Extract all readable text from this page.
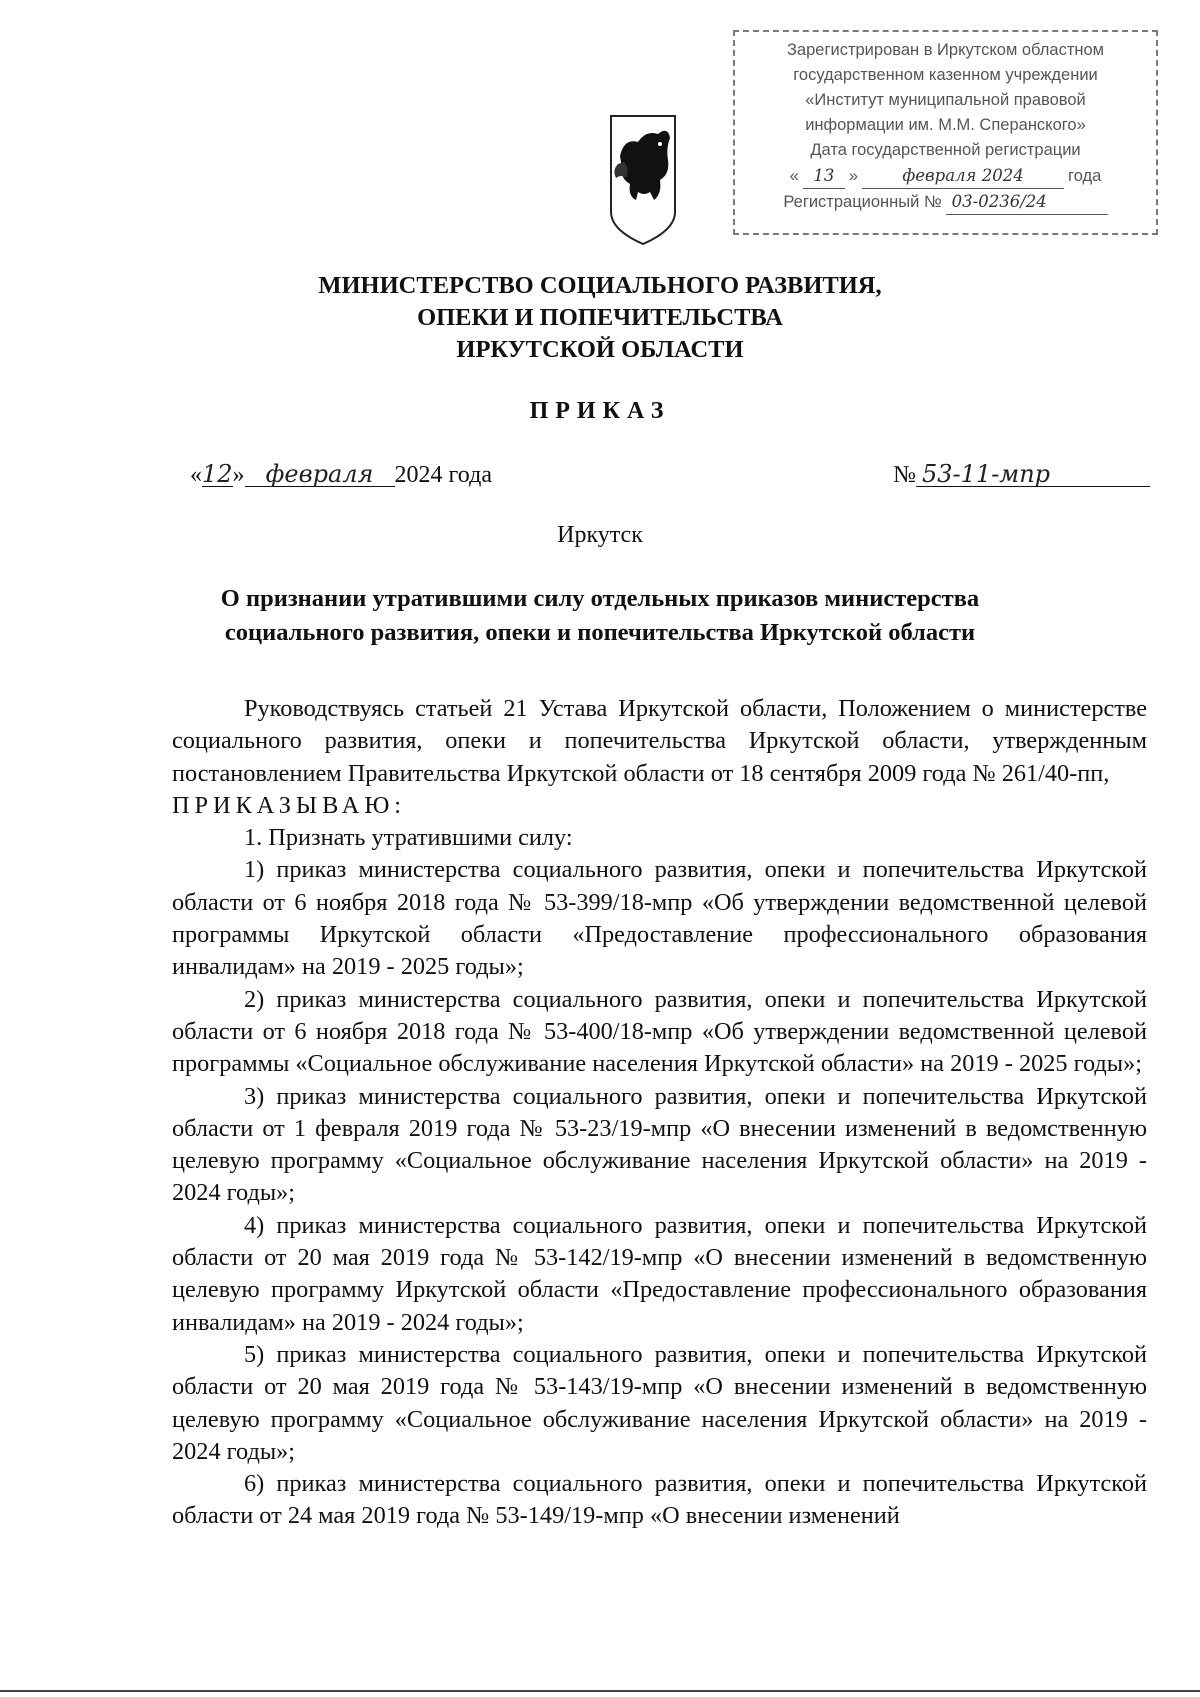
Зарегистрирован в Иркутском областном
государственном казенном учреждении
«Институт муниципальной правовой
информации им. М.М. Сперанского»
Дата государственной регистрации
« 13 »	февраля 2024	года
Регистрационный № 03-0236/24
МИНИСТЕРСТВО СОЦИАЛЬНОГО РАЗВИТИЯ,
ОПЕКИ И ПОПЕЧИТЕЛЬСТВА
ИРКУТСКОЙ ОБЛАСТИ
ПРИКАЗ
«12» февраля 2024 года	№ 53-11-мпр
Иркутск
О признании утратившими силу отдельных приказов министерства
социального развития, опеки и попечительства Иркутской области

Руководствуясь статьей 21 Устава Иркутской области, Положением о министерстве социального развития, опеки и попечительства Иркутской области, утвержденным постановлением Правительства Иркутской области от 18 сентября 2009 года № 261/40-пп,

ПРИКАЗЫВАЮ:

1. Признать утратившими силу:

1) приказ министерства социального развития, опеки и попечительства Иркутской области от 6 ноября 2018 года № 53-399/18-мпр «Об утверждении ведомственной целевой программы Иркутской области «Предоставление профессионального образования инвалидам» на 2019 - 2025 годы»;

2) приказ министерства социального развития, опеки и попечительства Иркутской области от 6 ноября 2018 года № 53-400/18-мпр «Об утверждении ведомственной целевой программы «Социальное обслуживание населения Иркутской области» на 2019 - 2025 годы»;

3) приказ министерства социального развития, опеки и попечительства Иркутской области от 1 февраля 2019 года № 53-23/19-мпр «О внесении изменений в ведомственную целевую программу «Социальное обслуживание населения Иркутской области» на 2019 - 2024 годы»;

4) приказ министерства социального развития, опеки и попечительства Иркутской области от 20 мая 2019 года № 53-142/19-мпр «О внесении изменений в ведомственную целевую программу Иркутской области «Предоставление профессионального образования инвалидам» на 2019 - 2024 годы»;

5) приказ министерства социального развития, опеки и попечительства Иркутской области от 20 мая 2019 года № 53-143/19-мпр «О внесении изменений в ведомственную целевую программу «Социальное обслуживание населения Иркутской области» на 2019 - 2024 годы»;

6) приказ министерства социального развития, опеки и попечительства Иркутской области от 24 мая 2019 года № 53-149/19-мпр «О внесении изменений
